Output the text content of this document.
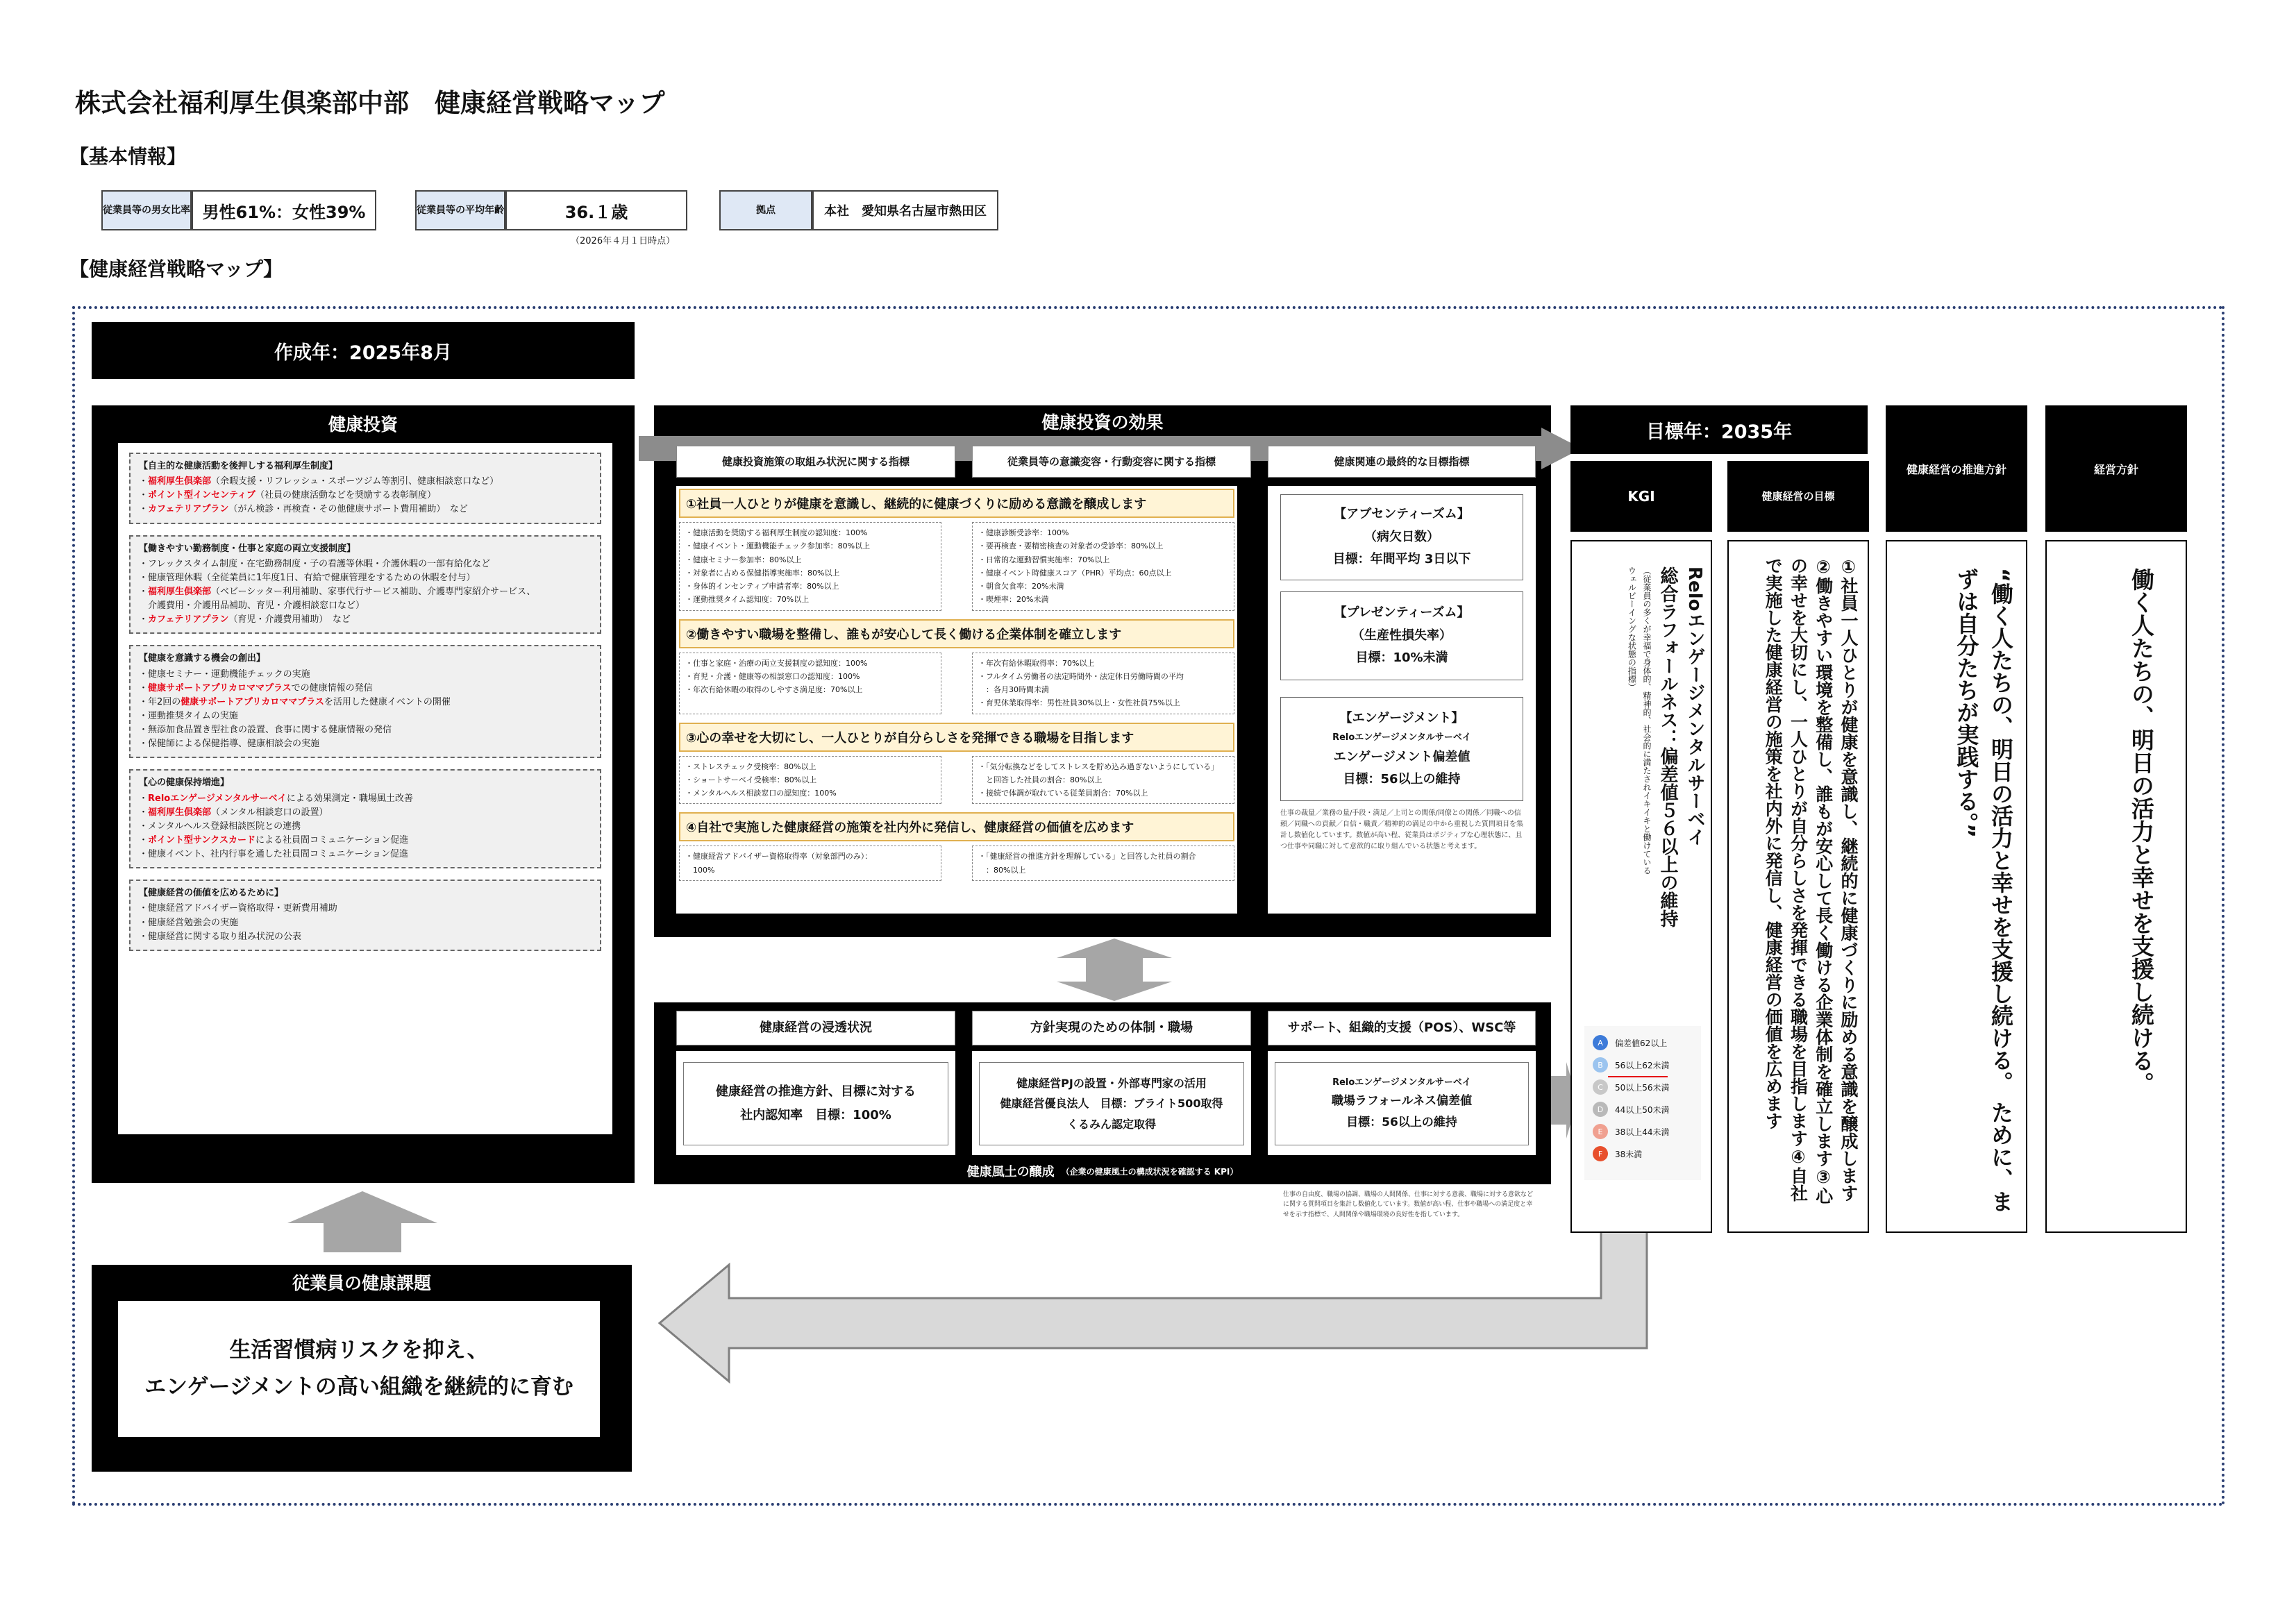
株式会社福利厚生倶楽部中部　健康経営戦略マップ
【基本情報】
従業員等の男女比率 男性61%：女性39%	従業員等の平均年齢	36.１歳
（2026年４月１日時点）
拠点	本社　愛知県名古屋市熱田区
【健康経営戦略マップ】
作成年：2025年8月
健康投資
【自主的な健康活動を後押しする福利厚生制度】
・福利厚生倶楽部（余暇支援・リフレッシュ・スポーツジム等割引、健康相談窓口など）
・ポイント型インセンティブ（社員の健康活動などを奨励する表彰制度）
・カフェテリアプラン（がん検診・再検査・その他健康サポート費用補助）　など
【働きやすい勤務制度・仕事と家庭の両立支援制度】
・フレックスタイム制度・在宅勤務制度・子の看護等休暇・介護休暇の一部有給化など
・健康管理休暇（全従業員に1年度1日、有給で健康管理をするための休暇を付与）
・福利厚生倶楽部（ベビーシッター利用補助、家事代行サービス補助、介護専門家紹介サービス、
　介護費用・介護用品補助、育児・介護相談窓口など）
・カフェテリアプラン（育児・介護費用補助）　など
【健康を意識する機会の創出】
・健康セミナー・運動機能チェックの実施
・健康サポートアプリカロママプラスでの健康情報の発信
・年2回の健康サポートアプリカロママプラスを活用した健康イベントの開催
・運動推奨タイムの実施
・無添加食品置き型社食の設置、食事に関する健康情報の発信
・保健師による保健指導、健康相談会の実施
【心の健康保持増進】
・Reloエンゲージメンタルサーベイによる効果測定・職場風土改善
・福利厚生倶楽部（メンタル相談窓口の設置）
・メンタルヘルス登録相談医院との連携
・ポイント型サンクスカードによる社員間コミュニケーション促進
・健康イベント、社内行事を通した社員間コミュニケーション促進
【健康経営の価値を広めるために】
・健康経営アドバイザー資格取得・更新費用補助
・健康経営勉強会の実施
・健康経営に関する取り組み状況の公表
従業員の健康課題
生活習慣病リスクを抑え、
エンゲージメントの高い組織を継続的に育む
健康投資の効果
健康投資施策の取組み状況に関する指標	従業員等の意識変容・行動変容に関する指標	健康関連の最終的な目標指標
①社員一人ひとりが健康を意識し、継続的に健康づくりに励める意識を醸成します
・健康活動を奨励する福利厚生制度の認知度：100%
・健康イベント・運動機能チェック参加率：80%以上
・健康セミナー参加率：80%以上
・対象者に占める保健指導実施率：80%以上
・身体的インセンティブ申請者率：80%以上
・運動推奨タイム認知度：70%以上
・健康診断受診率：100%
・要再検査・要精密検査の対象者の受診率：80%以上
・日常的な運動習慣実施率：70%以上
・健康イベント時健康スコア（PHR）平均点：60点以上
・朝食欠食率：20%未満
・喫煙率：20%未満
②働きやすい職場を整備し、誰もが安心して長く働ける企業体制を確立します
・仕事と家庭・治療の両立支援制度の認知度：100%
・育児・介護・健康等の相談窓口の認知度：100%
・年次有給休暇の取得のしやすさ満足度：70%以上
・年次有給休暇取得率：70%以上
・フルタイム労働者の法定時間外・法定休日労働時間の平均
　：各月30時間未満
・育児休業取得率：男性社員30%以上・女性社員75%以上
③心の幸せを大切にし、一人ひとりが自分らしさを発揮できる職場を目指します
・ストレスチェック受検率：80%以上
・ショートサーベイ受検率：80%以上
・メンタルヘルス相談窓口の認知度：100%
・「気分転換などをしてストレスを貯め込み過ぎないようにしている」
　と回答した社員の割合：80%以上
・接続で体調が取れている従業員割合：70%以上
④自社で実施した健康経営の施策を社内外に発信し、健康経営の価値を広めます
・健康経営アドバイザー資格取得率（対象部門のみ）：
　100%
・「健康経営の推進方針を理解している」と回答した社員の割合
　：80%以上
【アブセンティーズム】
（病欠日数）
目標：年間平均 3日以下
【プレゼンティーズム】
（生産性損失率）
目標：10%未満
【エンゲージメント】
Reloエンゲージメンタルサーベイ
エンゲージメント偏差値
目標：56以上の維持
仕事の裁量／業務の量/手段・満足／上司との関係/同僚との関係／同職への信頼／同職への貢献／自信・職責／精神的の満足の中から重視した質問項目を集計し数値化しています。数値が高い程、従業員はポジティブな心理状態に、且つ仕事や同職に対して意欲的に取り組んでいる状態と考えます。
健康経営の浸透状況	方針実現のための体制・職場	サポート、組織的支援（POS）、WSC等
健康経営の推進方針、目標に対する
社内認知率　目標：100%
健康経営PJの設置・外部専門家の活用
健康経営優良法人　目標：ブライト500取得
くるみん認定取得
Reloエンゲージメンタルサーベイ
職場ラフォールネス偏差値
目標：56以上の維持
健康風土の醸成 （企業の健康風土の構成状況を確認する KPI）
仕事の自由度、職場の協調、職場の人間関係、仕事に対する意義、職場に対する意欲などに関する質問項目を集計し数値化しています。数値が高い程、仕事や職場への満足度と幸せを示す指標で、人間関係や職場環境の良好性を指しています。
目標年：2035年
KGI
Reloエンゲージメンタルサーベイ
総合ラフォールネス：偏差値５６以上の維持
（従業員の多くが幸福で身体的、精神的、社会的に満たされイキイキと働けている
ウェルビーイングな状態の指標）
A	偏差値62以上
B	56以上62未満
C	50以上56未満
D	44以上50未満
E	38以上44未満
F	38未満
健康経営の目標
①社員一人ひとりが健康を意識し、継続的に健康づくりに励める意識を醸成します②働きやすい環境を整備し、誰もが安心して長く働ける企業体制を確立します③心の幸せを大切にし、一人ひとりが自分らしさを発揮できる職場を目指します④自社で実施した健康経営の施策を社内外に発信し、健康経営の価値を広めます
健康経営の推進方針
“働く人たちの、明日の活力と幸せを支援し続ける。 ために、まずは自分たちが実践する。”
経営方針
働く人たちの、明日の活力と幸せを支援し続ける。
